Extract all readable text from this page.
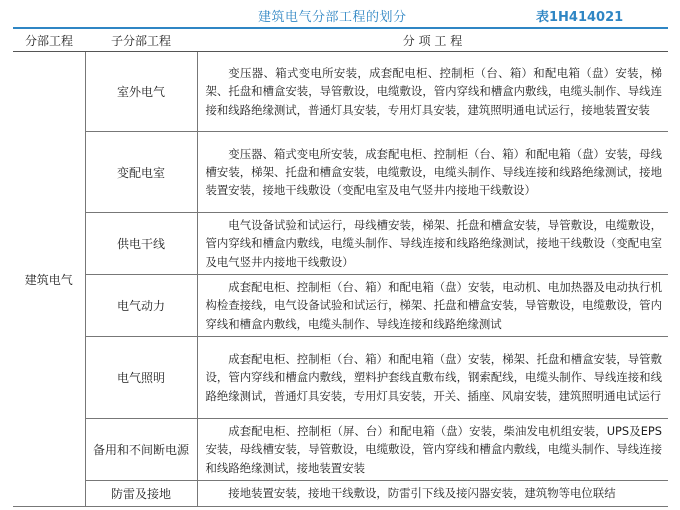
建筑电气分部工程的划分	表1H414021
分部工程	子分部工程	分 项 工 程
建筑电气	室外电气	变压器、箱式变电所安装，成套配电柜、控制柜（台、箱）和配电箱（盘）安装，梯架、托盘和槽盒安装，导管敷设，电缆敷设，管内穿线和槽盒内敷线，电缆头制作、导线连接和线路绝缘测试，普通灯具安装，专用灯具安装，建筑照明通电试运行，接地装置安装
	变配电室	变压器、箱式变电所安装，成套配电柜、控制柜（台、箱）和配电箱（盘）安装，母线槽安装，梯架、托盘和槽盒安装，电缆敷设，电缆头制作、导线连接和线路绝缘测试，接地装置安装，接地干线敷设（变配电室及电气竖井内接地干线敷设）
	供电干线	电气设备试验和试运行，母线槽安装，梯架、托盘和槽盒安装，导管敷设，电缆敷设，管内穿线和槽盒内敷线，电缆头制作、导线连接和线路绝缘测试，接地干线敷设（变配电室及电气竖井内接地干线敷设）
	电气动力	成套配电柜、控制柜（台、箱）和配电箱（盘）安装，电动机、电加热器及电动执行机构检查接线，电气设备试验和试运行，梯架、托盘和槽盒安装，导管敷设，电缆敷设，管内穿线和槽盒内敷线，电缆头制作、导线连接和线路绝缘测试
	电气照明	成套配电柜、控制柜（台、箱）和配电箱（盘）安装，梯架、托盘和槽盒安装，导管敷设，管内穿线和槽盒内敷线，塑料护套线直敷布线，钢索配线，电缆头制作、导线连接和线路绝缘测试，普通灯具安装，专用灯具安装，开关、插座、风扇安装，建筑照明通电试运行
	备用和不间断电源	成套配电柜、控制柜（屏、台）和配电箱（盘）安装，柴油发电机组安装，UPS及EPS安装，母线槽安装，导管敷设，电缆敷设，管内穿线和槽盒内敷线，电缆头制作、导线连接和线路绝缘测试，接地装置安装
	防雷及接地	接地装置安装，接地干线敷设，防雷引下线及接闪器安装，建筑物等电位联结
